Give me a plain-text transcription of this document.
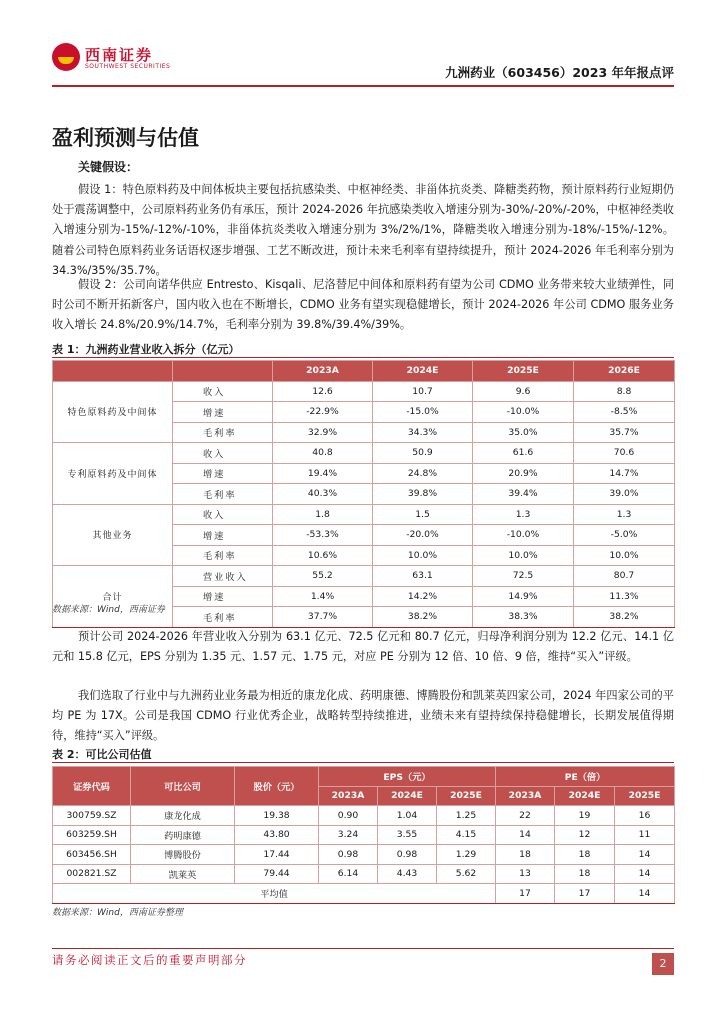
西南证券
SOUTHWEST SECURITIES	九洲药业（603456）2023 年年报点评
盈利预测与估值
关键假设：

假设 1：特色原料药及中间体板块主要包括抗感染类、中枢神经类、非甾体抗炎类、降糖类药物，预计原料药行业短期仍处于震荡调整中，公司原料药业务仍有承压，预计 2024-2026 年抗感染类收入增速分别为-30%/-20%/-20%，中枢神经类收入增速分别为-15%/-12%/-10%，非甾体抗炎类收入增速分别为 3%/2%/1%，降糖类收入增速分别为-18%/-15%/-12%。随着公司特色原料药业务话语权逐步增强、工艺不断改进，预计未来毛利率有望持续提升，预计 2024-2026 年毛利率分别为 34.3%/35%/35.7%。

假设 2：公司向诺华供应 Entresto、Kisqali、尼洛替尼中间体和原料药有望为公司 CDMO 业务带来较大业绩弹性，同时公司不断开拓新客户，国内收入也在不断增长，CDMO 业务有望实现稳健增长，预计 2024-2026 年公司 CDMO 服务业务收入增长 24.8%/20.9%/14.7%，毛利率分别为 39.8%/39.4%/39%。

表 1：九洲药业营业收入拆分（亿元）
		2023A	2024E	2025E	2026E
特色原料药及中间体	收入	12.6	10.7	9.6	8.8
	增速	-22.9%	-15.0%	-10.0%	-8.5%
	毛利率	32.9%	34.3%	35.0%	35.7%
专利原料药及中间体	收入	40.8	50.9	61.6	70.6
	增速	19.4%	24.8%	20.9%	14.7%
	毛利率	40.3%	39.8%	39.4%	39.0%
其他业务	收入	1.8	1.5	1.3	1.3
	增速	-53.3%	-20.0%	-10.0%	-5.0%
	毛利率	10.6%	10.0%	10.0%	10.0%
合计	营业收入	55.2	63.1	72.5	80.7
	增速	1.4%	14.2%	14.9%	11.3%
	毛利率	37.7%	38.2%	38.3%	38.2%
数据来源：Wind，西南证券

预计公司 2024-2026 年营业收入分别为 63.1 亿元、72.5 亿元和 80.7 亿元，归母净利润分别为 12.2 亿元、14.1 亿元和 15.8 亿元，EPS 分别为 1.35 元、1.57 元、1.75 元，对应 PE 分别为 12 倍、10 倍、9 倍，维持“买入”评级。

我们选取了行业中与九洲药业业务最为相近的康龙化成、药明康德、博腾股份和凯莱英四家公司，2024 年四家公司的平均 PE 为 17X。公司是我国 CDMO 行业优秀企业，战略转型持续推进，业绩未来有望持续保持稳健增长，长期发展值得期待，维持“买入”评级。

表 2：可比公司估值
证券代码	可比公司	股价（元）	EPS（元）			PE（倍）		
			2023A	2024E	2025E	2023A	2024E	2025E
300759.SZ	康龙化成	19.38	0.90	1.04	1.25	22	19	16
603259.SH	药明康德	43.80	3.24	3.55	4.15	14	12	11
603456.SH	博腾股份	17.44	0.98	0.98	1.29	18	18	14
002821.SZ	凯莱英	79.44	6.14	4.43	5.62	13	18	14
平均值						17	17	14
数据来源：Wind，西南证券整理
请务必阅读正文后的重要声明部分	2
